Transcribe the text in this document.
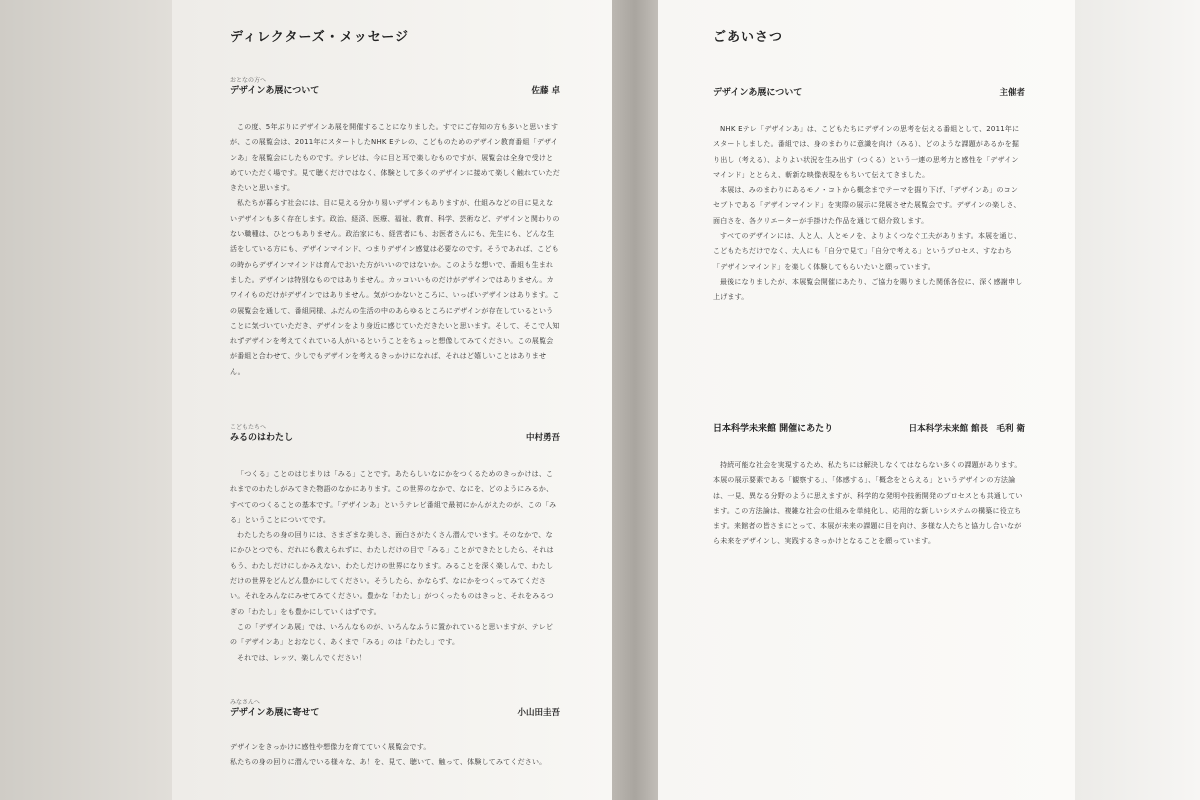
ディレクターズ・メッセージ
おとなの方へ
デザインあ展について	佐藤 卓

この度、5年ぶりにデザインあ展を開催することになりました。すでにご存知の方も多いと思いますが、この展覧会は、2011年にスタートしたNHK Eテレの、こどものためのデザイン教育番組「デザインあ」を展覧会にしたものです。テレビは、今に目と耳で楽しむものですが、展覧会は全身で受けとめていただく場です。見て聴くだけではなく、体験として多くのデザインに接めて楽しく触れていただきたいと思います。

私たちが暮らす社会には、目に見える分かり易いデザインもありますが、仕組みなどの目に見えないデザインも多く存在します。政治、経済、医療、福祉、教育、科学、芸術など、デザインと関わりのない職種は、ひとつもありません。政治家にも、経営者にも、お医者さんにも、先生にも、どんな生活をしている方にも、デザインマインド、つまりデザイン感覚は必要なのです。そうであれば、こどもの時からデザインマインドは育んでおいた方がいいのではないか。このような想いで、番組も生まれました。デザインは特別なものではありません。カッコいいものだけがデザインではありません。カワイイものだけがデザインではありません。気がつかないところに、いっぱいデザインはあります。この展覧会を通して、番組同様、ふだんの生活の中のあらゆるところにデザインが存在しているということに気づいていただき、デザインをより身近に感じていただきたいと思います。そして、そこで人知れずデザインを考えてくれている人がいるということをちょっと想像してみてください。この展覧会が番組と合わせて、少しでもデザインを考えるきっかけになれば、それはど嬉しいことはありません。

こどもたちへ
みるのはわたし	中村勇吾

「つくる」ことのはじまりは「みる」ことです。あたらしいなにかをつくるためのきっかけは、これまでのわたしがみてきた物語のなかにあります。この世界のなかで、なにを、どのようにみるか、すべてのつくることの基本です。「デザインあ」というテレビ番組で最初にかんがえたのが、この「みる」ということについてです。

わたしたちの身の回りには、さまざまな美しさ、面白さがたくさん潜んでいます。そのなかで、なにかひとつでも、だれにも教えられずに、わたしだけの目で「みる」ことができたとしたら、それはもう、わたしだけにしかみえない、わたしだけの世界になります。みることを深く楽しんで、わたしだけの世界をどんどん豊かにしてください。そうしたら、かならず、なにかをつくってみてください。それをみんなにみせてみてください。豊かな「わたし」がつくったものはきっと、それをみるつぎの「わたし」をも豊かにしていくはずです。

この「デザインあ展」では、いろんなものが、いろんなふうに置かれていると思いますが、テレビの「デザインあ」とおなじく、あくまで「みる」のは「わたし」です。

それでは、レッツ、楽しんでください！

みなさんへ
デザインあ展に寄せて	小山田圭吾

デザインをきっかけに感性や想像力を育てていく展覧会です。

私たちの身の回りに潜んでいる様々な、あ！を、見て、聴いて、触って、体験してみてください。

ごあいさつ
デザインあ展について	主催者

NHK Eテレ「デザインあ」は、こどもたちにデザインの思考を伝える番組として、2011年にスタートしました。番組では、身のまわりに意識を向け（みる）、どのような課題があるかを掘り出し（考える）、よりよい状況を生み出す（つくる）という一連の思考力と感性を「デザインマインド」ととらえ、斬新な映像表現をもちいて伝えてきました。

本展は、みのまわりにあるモノ・コトから概念までテーマを掘り下げ、「デザインあ」のコンセプトである「デザインマインド」を実際の展示に発展させた展覧会です。デザインの楽しさ、面白さを、各クリエーターが手掛けた作品を通じて紹介致します。

すべてのデザインには、人と人、人とモノを、よりよくつなぐ工夫があります。本展を通じ、こどもたちだけでなく、大人にも「自分で見て」「自分で考える」というプロセス、すなわち「デザインマインド」を楽しく体験してもらいたいと願っています。

最後になりましたが、本展覧会開催にあたり、ご協力を賜りました関係各位に、深く感謝申し上げます。

日本科学未来館 開催にあたり	日本科学未来館 館長　毛利 衛

持続可能な社会を実現するため、私たちには解決しなくてはならない多くの課題があります。本展の展示要素である「観察する」、「体感する」、「概念をとらえる」というデザインの方法論は、一見、異なる分野のように思えますが、科学的な発明や技術開発のプロセスとも共通しています。この方法論は、複雑な社会の仕組みを単純化し、応用的な新しいシステムの構築に役立ちます。来館者の皆さまにとって、本展が未来の課題に目を向け、多様な人たちと協力し合いながら未来をデザインし、実践するきっかけとなることを願っています。
